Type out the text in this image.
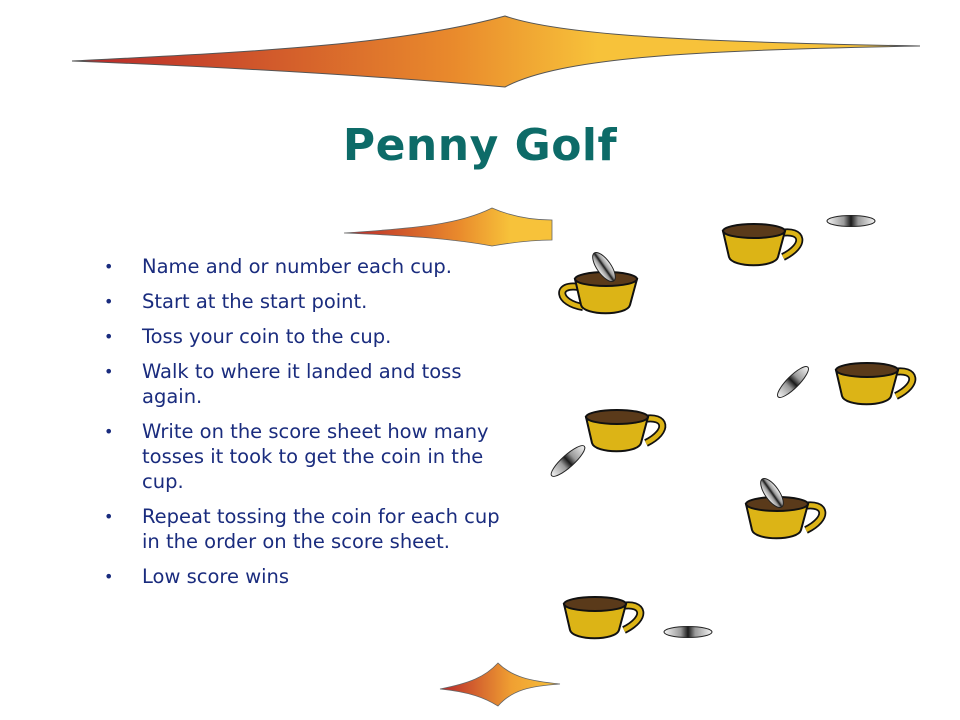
Penny Golf
• Name and or number each cup.
• Start at the start point.
• Toss your coin to the cup.
• Walk to where it landed and toss again.
• Write on the score sheet how many tosses it took to get the coin in the cup.
• Repeat tossing the coin for each cup in the order on the score sheet.
• Low score wins
